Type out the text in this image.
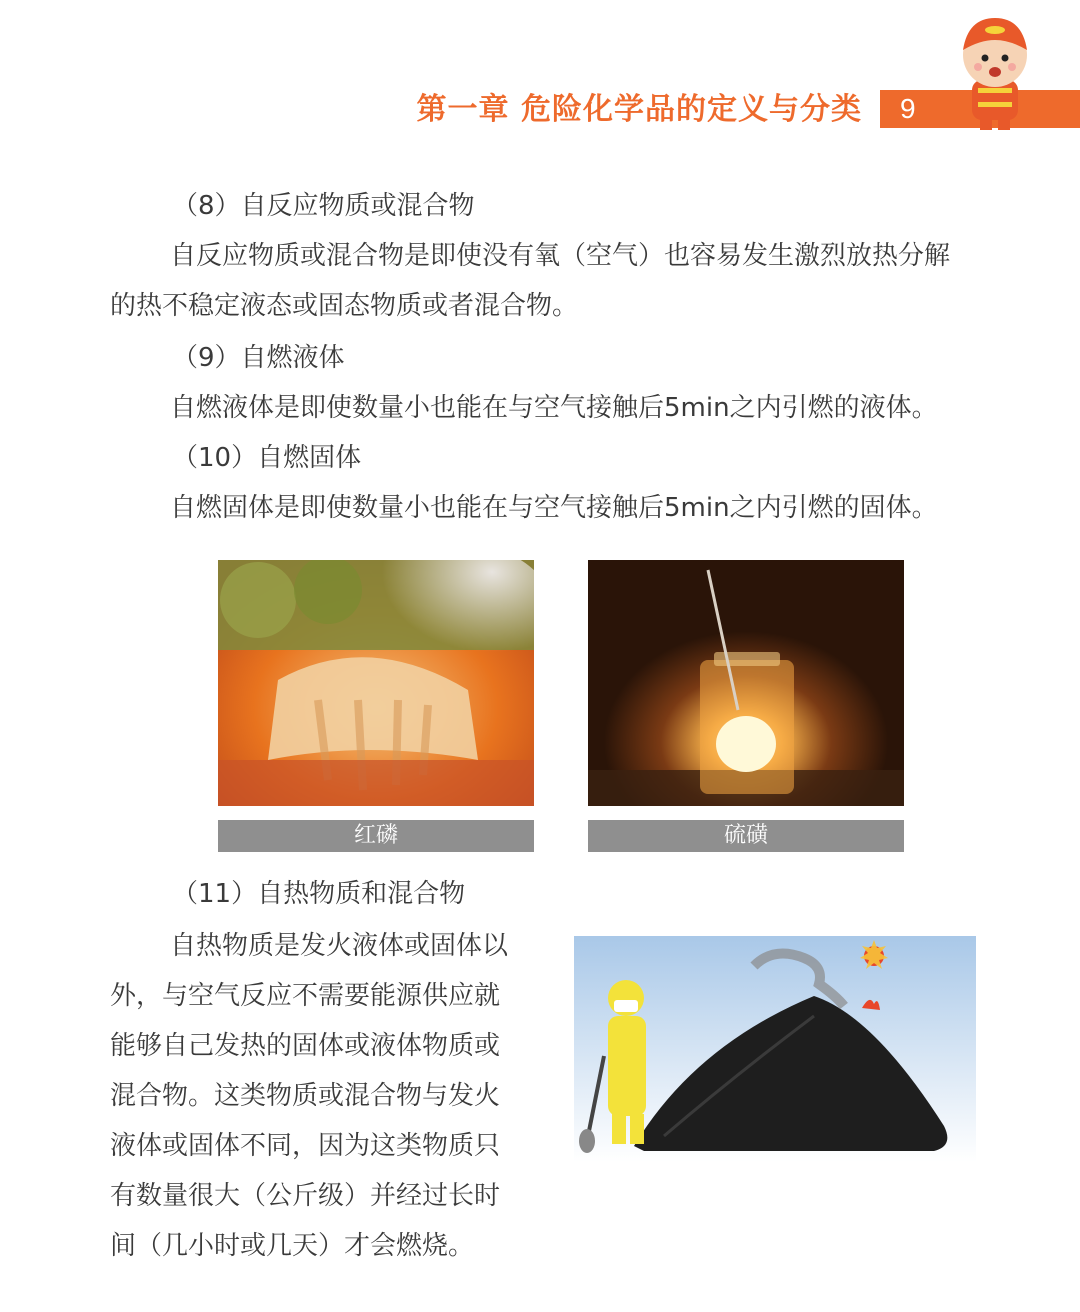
第一章 危险化学品的定义与分类 9
（8）自反应物质或混合物
自反应物质或混合物是即使没有氧（空气）也容易发生激烈放热分解
的热不稳定液态或固态物质或者混合物。
（9）自燃液体
自燃液体是即使数量小也能在与空气接触后5min之内引燃的液体。
（10）自燃固体
自燃固体是即使数量小也能在与空气接触后5min之内引燃的固体。
红磷	硫磺
（11）自热物质和混合物
自热物质是发火液体或固体以
外，与空气反应不需要能源供应就
能够自己发热的固体或液体物质或
混合物。这类物质或混合物与发火
液体或固体不同，因为这类物质只
有数量很大（公斤级）并经过长时
间（几小时或几天）才会燃烧。
